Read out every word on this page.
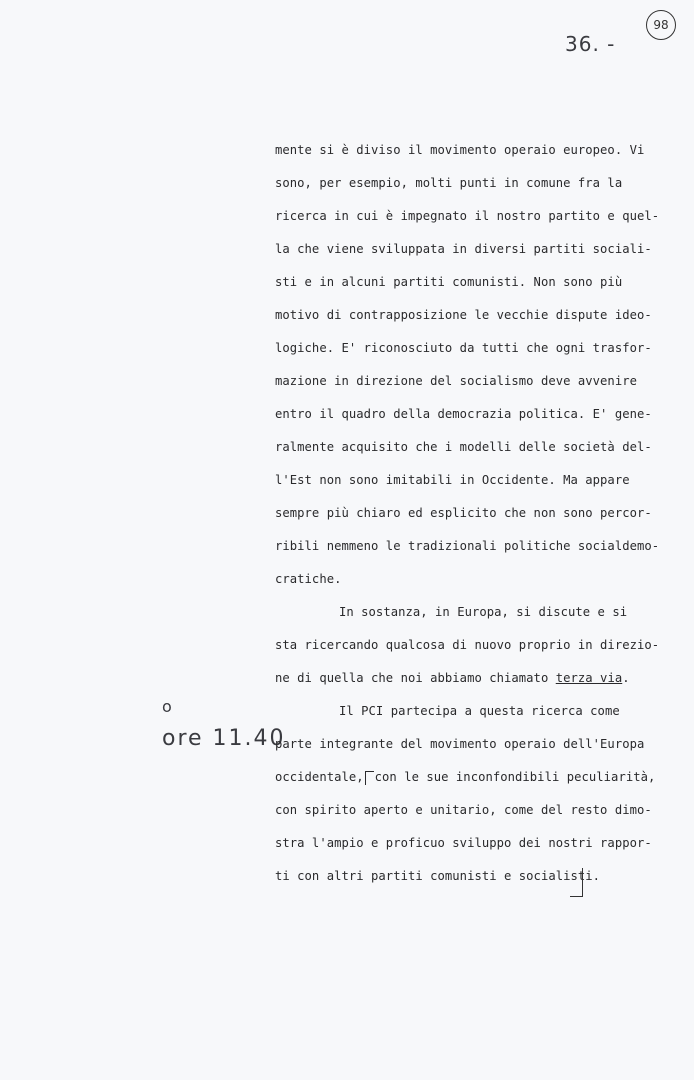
98
36. -
o
ore 11.40
mente si è diviso il movimento operaio europeo. Vi
sono, per esempio, molti punti in comune fra la
ricerca in cui è impegnato il nostro partito e quel-
la che viene sviluppata in diversi partiti sociali-
sti e in alcuni partiti comunisti. Non sono più
motivo di contrapposizione le vecchie dispute ideo-
logiche. E' riconosciuto da tutti che ogni trasfor-
mazione in direzione del socialismo deve avvenire
entro il quadro della democrazia politica. E' gene-
ralmente acquisito che i modelli delle società del-
l'Est non sono imitabili in Occidente. Ma appare
sempre più chiaro ed esplicito che non sono percor-
ribili nemmeno le tradizionali politiche socialdemo-
cratiche.
In sostanza, in Europa, si discute e si
sta ricercando qualcosa di nuovo proprio in direzio-
ne di quella che noi abbiamo chiamato terza via.
Il PCI partecipa a questa ricerca come
parte integrante del movimento operaio dell'Europa
occidentale, con le sue inconfondibili peculiarità,
con spirito aperto e unitario, come del resto dimo-
stra l'ampio e proficuo sviluppo dei nostri rappor-
ti con altri partiti comunisti e socialisti.
